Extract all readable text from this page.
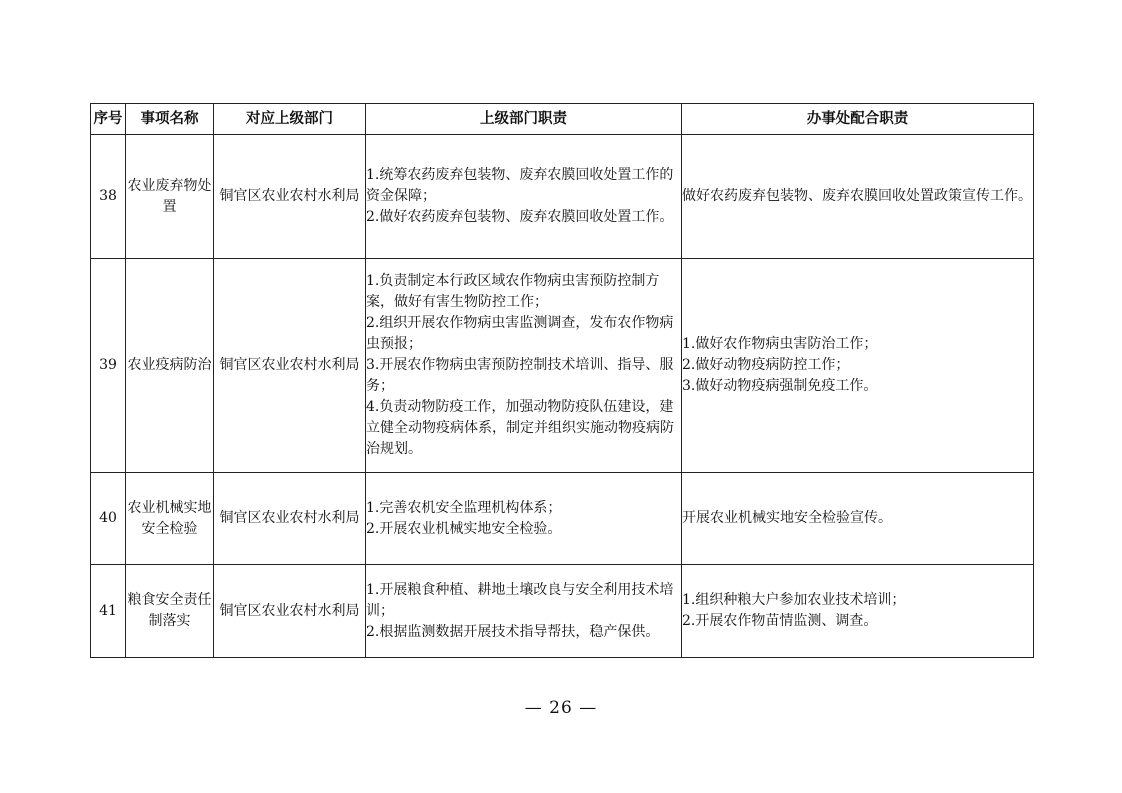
序号	事项名称	对应上级部门	上级部门职责	办事处配合职责
38	农业废弃物处置	铜官区农业农村水利局	1.统筹农药废弃包装物、废弃农膜回收处置工作的资金保障；
2.做好农药废弃包装物、废弃农膜回收处置工作。	做好农药废弃包装物、废弃农膜回收处置政策宣传工作。

39	农业疫病防治	铜官区农业农村水利局	1.负责制定本行政区域农作物病虫害预防控制方案，做好有害生物防控工作；
2.组织开展农作物病虫害监测调查，发布农作物病虫预报；
3.开展农作物病虫害预防控制技术培训、指导、服务；
4.负责动物防疫工作，加强动物防疫队伍建设，建立健全动物疫病体系，制定并组织实施动物疫病防治规划。	1.做好农作物病虫害防治工作；
2.做好动物疫病防控工作；
3.做好动物疫病强制免疫工作。

40	农业机械实地安全检验	铜官区农业农村水利局	1.完善农机安全监理机构体系；
2.开展农业机械实地安全检验。	开展农业机械实地安全检验宣传。

41	粮食安全责任制落实	铜官区农业农村水利局	1.开展粮食种植、耕地土壤改良与安全利用技术培训；
2.根据监测数据开展技术指导帮扶，稳产保供。	1.组织种粮大户参加农业技术培训；
2.开展农作物苗情监测、调查。
— 26 —
